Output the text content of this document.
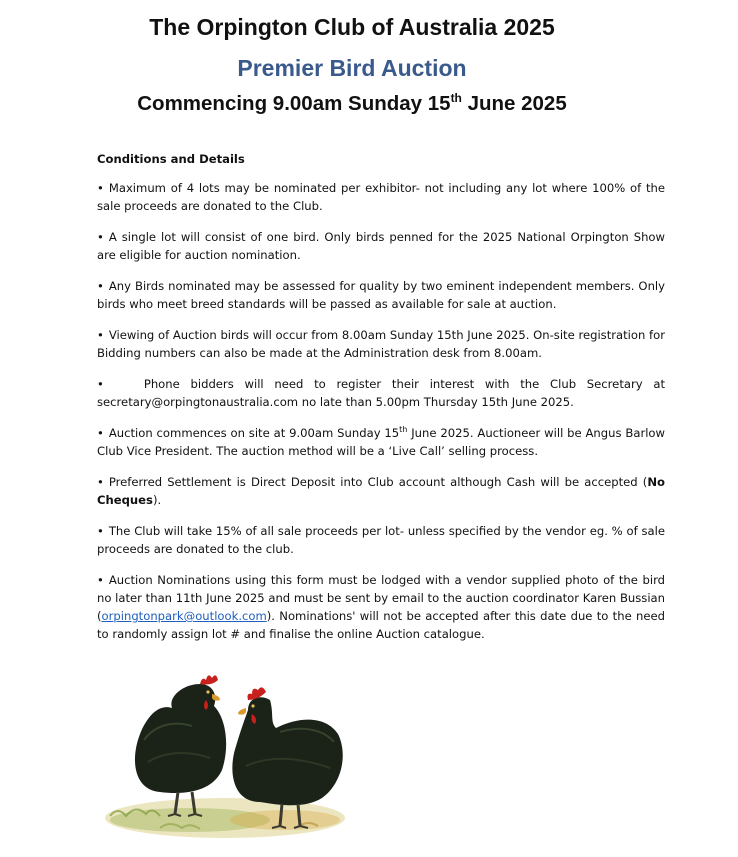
The Orpington Club of Australia 2025
Premier Bird Auction
Commencing 9.00am Sunday 15th June 2025
Conditions and Details
• Maximum of 4 lots may be nominated per exhibitor- not including any lot where 100% of the sale proceeds are donated to the Club.
• A single lot will consist of one bird. Only birds penned for the 2025 National Orpington Show are eligible for auction nomination.
• Any Birds nominated may be assessed for quality by two eminent independent members. Only birds who meet breed standards will be passed as available for sale at auction.
• Viewing of Auction birds will occur from 8.00am Sunday 15th June 2025. On-site registration for Bidding numbers can also be made at the Administration desk from 8.00am.
•	Phone bidders will need to register their interest with the Club Secretary at secretary@orpingtonaustralia.com no late than 5.00pm Thursday 15th June 2025.
• Auction commences on site at 9.00am Sunday 15th June 2025. Auctioneer will be Angus Barlow Club Vice President. The auction method will be a ‘Live Call’ selling process.
• Preferred Settlement is Direct Deposit into Club account although Cash will be accepted (No Cheques).
• The Club will take 15% of all sale proceeds per lot- unless specified by the vendor eg. % of sale proceeds are donated to the club.
• Auction Nominations using this form must be lodged with a vendor supplied photo of the bird no later than 11th June 2025 and must be sent by email to the auction coordinator Karen Bussian (orpingtonpark@outlook.com). Nominations' will not be accepted after this date due to the need to randomly assign lot # and finalise the online Auction catalogue.
